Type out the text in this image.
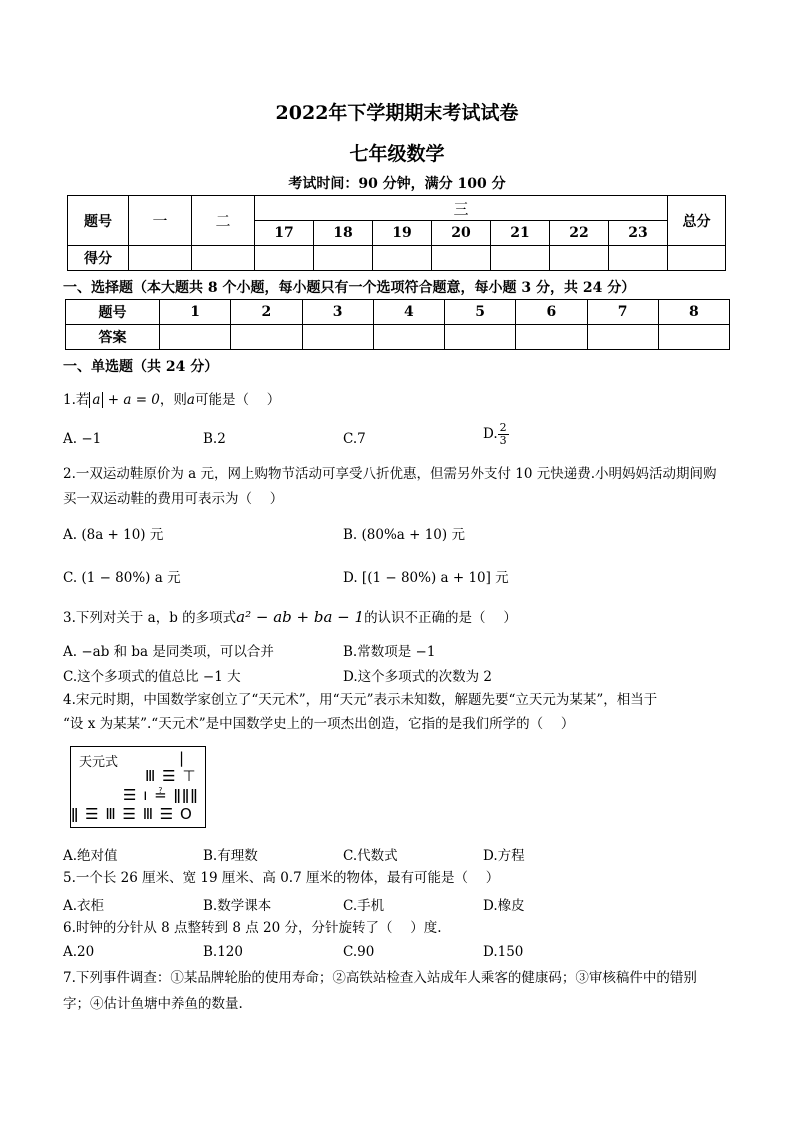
2022年下学期期末考试试卷
七年级数学
考试时间：90 分钟，满分 100 分
题号	一	二	三							总分
			17	18	19	20	21	22	23	
得分										
一、选择题（本大题共 8 个小题，每小题只有一个选项符合题意，每小题 3 分，共 24 分）
题号	1	2	3	4	5	6	7	8
答案								
一、单选题（共 24 分）
1.若 a + a = 0，则a可能是（　 ）
A. −1	B.2	C.7	D. $\frac{2}{3}$
2.一双运动鞋原价为 a 元，网上购物节活动可享受八折优惠，但需另外支付 10 元快递费.小明妈妈活动期间购
买一双运动鞋的费用可表示为（　 ）
A. (8a + 10) 元	B. (80%a + 10) 元
C. (1 − 80%) a 元	D. [(1 − 80%) a + 10] 元
3.下列对关于 a，b 的多项式a² − ab + ba − 1的认识不正确的是（　 ）
A. −ab 和 ba 是同类项，可以合并	B.常数项是 −1
C.这个多项式的值总比 −1 大	D.这个多项式的次数为 2
4.宋元时期，中国数学家创立了“天元术”，用“天元”表示未知数，解题先要“立天元为某某”，相当于
“设 x 为某某”.“天元术”是中国数学史上的一项杰出创造，它指的是我们所学的（　 ）
天元式	|
Ⅲ ☰ ⊤
☰ ı ≟ ǁǁǁ
ǁ ☰ Ⅲ ☰ Ⅲ ☰ O
A.绝对值	B.有理数	C.代数式	D.方程
5.一个长 26 厘米、宽 19 厘米、高 0.7 厘米的物体，最有可能是（　 ）
A.衣柜	B.数学课本	C.手机	D.橡皮
6.时钟的分针从 8 点整转到 8 点 20 分，分针旋转了（　 ）度.
A.20	B.120	C.90	D.150
7.下列事件调查：①某品牌轮胎的使用寿命；②高铁站检查入站成年人乘客的健康码；③审核稿件中的错别
字；④估计鱼塘中养鱼的数量.
